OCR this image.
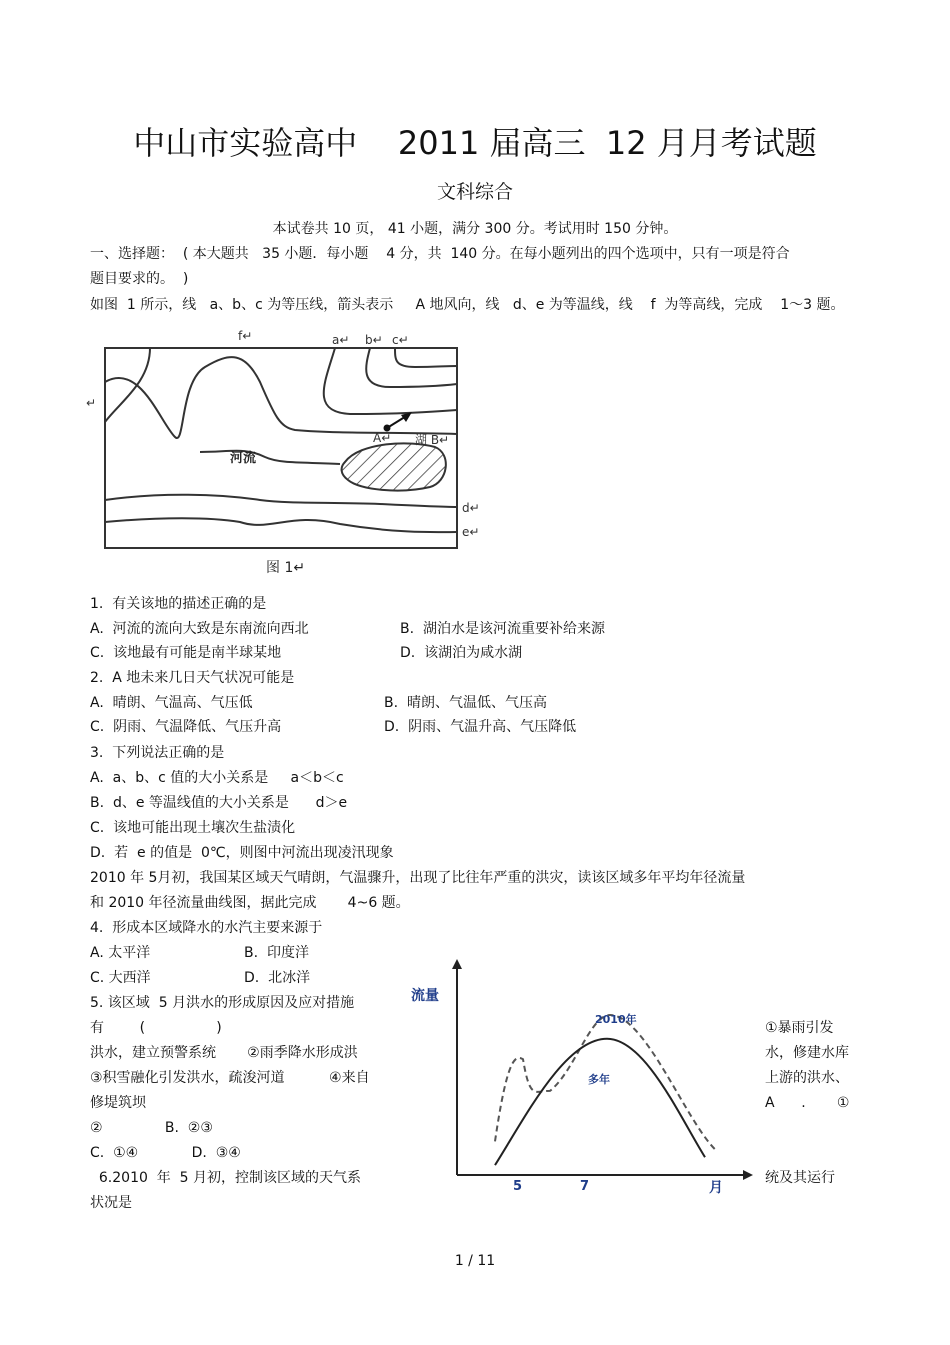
中山市实验高中    2011 届高三  12 月月考试题
文科综合
本试卷共 10 页， 41 小题，满分 300 分。考试用时 150 分钟。
一、选择题：  ( 本大题共   35 小题．每小题    4 分，共  140 分。在每小题列出的四个选项中，只有一项是符合
题目要求的。  )
如图  1 所示，线   a、b、c 为等压线，箭头表示     A 地风向，线   d、e 为等温线，线    f  为等高线，完成    1～3 题。
f↵	a↵ b↵ c↵
A↵ 湖 B↵
河流
d↵
e↵
图 1↵
↵
1.  有关该地的描述正确的是
A.  河流的流向大致是东南流向西北	B.  湖泊水是该河流重要补给来源
C.  该地最有可能是南半球某地	D.  该湖泊为咸水湖
2.  A 地未来几日天气状况可能是
A.  晴朗、气温高、气压低	B.  晴朗、气温低、气压高
C.  阴雨、气温降低、气压升高	D.  阴雨、气温升高、气压降低
3.  下列说法正确的是
A.  a、b、c 值的大小关系是     a＜b＜c
B.  d、e 等温线值的大小关系是      d＞e
C.  该地可能出现土壤次生盐渍化
D.  若  e 的值是  0℃，则图中河流出现凌汛现象
2010 年 5月初，我国某区域天气晴朗，气温骤升，出现了比往年严重的洪灾，读该区域多年平均年径流量
和 2010 年径流量曲线图，据此完成       4~6 题。
4.  形成本区域降水的水汽主要来源于
A. 太平洋	B.  印度洋
C. 大西洋	D.  北冰洋
5. 该区域  5 月洪水的形成原因及应对措施
有        (                )	①暴雨引发
洪水，建立预警系统       ②雨季降水形成洪	水，修建水库
③积雪融化引发洪水，疏浚河道          ④来自	上游的洪水、
修堤筑坝	A      .       ①
②              B.  ②③
C.  ①④            D.  ③④
6.2010  年  5 月初，控制该区域的天气系	统及其运行
状况是
流量
月
5	7
2010年
多年
1 / 11
